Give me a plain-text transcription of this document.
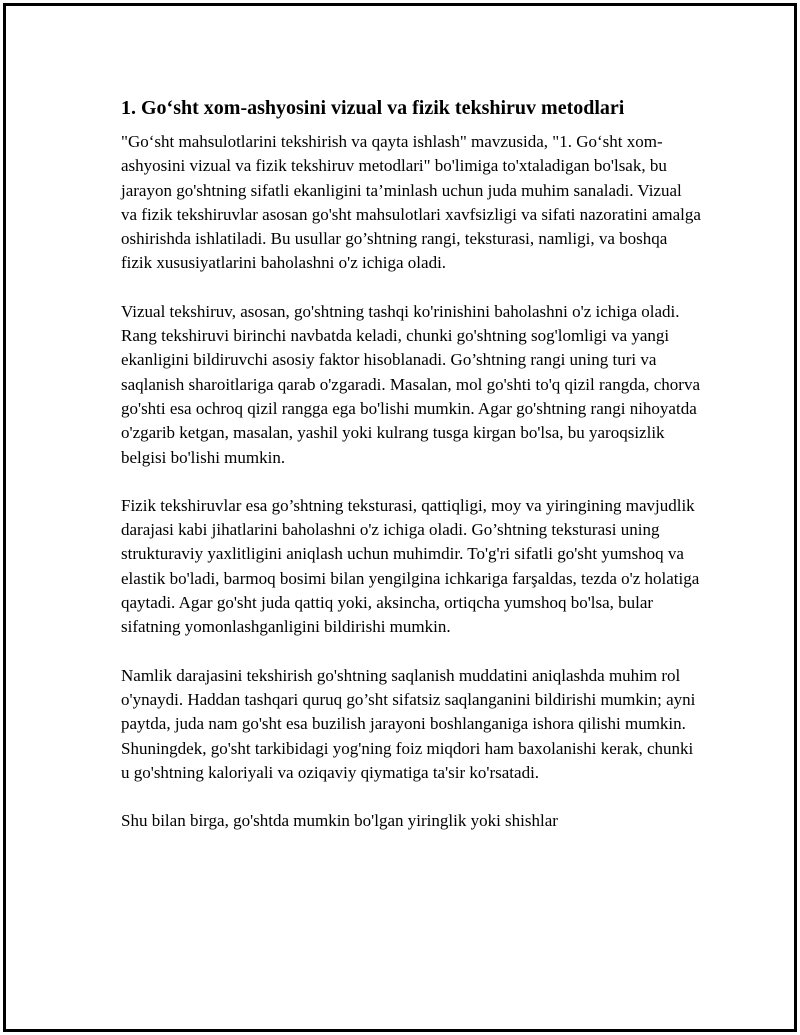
1. Go‘sht xom-ashyosini vizual va fizik tekshiruv metodlari

"Go‘sht mahsulotlarini tekshirish va qayta ishlash" mavzusida, "1. Go‘sht xom-ashyosini vizual va fizik tekshiruv metodlari" bo'limiga to'xtaladigan bo'lsak, bu jarayon go'shtning sifatli ekanligini ta’minlash uchun juda muhim sanaladi. Vizual va fizik tekshiruvlar asosan go'sht mahsulotlari xavfsizligi va sifati nazoratini amalga oshirishda ishlatiladi. Bu usullar go’shtning rangi, teksturasi, namligi, va boshqa fizik xususiyatlarini baholashni o'z ichiga oladi.

Vizual tekshiruv, asosan, go'shtning tashqi ko'rinishini baholashni o'z ichiga oladi. Rang tekshiruvi birinchi navbatda keladi, chunki go'shtning sog'lomligi va yangi ekanligini bildiruvchi asosiy faktor hisoblanadi. Go’shtning rangi uning turi va saqlanish sharoitlariga qarab o'zgaradi. Masalan, mol go'shti to'q qizil rangda, chorva go'shti esa ochroq qizil rangga ega bo'lishi mumkin. Agar go'shtning rangi nihoyatda o'zgarib ketgan, masalan, yashil yoki kulrang tusga kirgan bo'lsa, bu yaroqsizlik belgisi bo'lishi mumkin.

Fizik tekshiruvlar esa go’shtning teksturasi, qattiqligi, moy va yiringining mavjudlik darajasi kabi jihatlarini baholashni o'z ichiga oladi. Go’shtning teksturasi uning strukturaviy yaxlitligini aniqlash uchun muhimdir. To'g'ri sifatli go'sht yumshoq va elastik bo'ladi, barmoq bosimi bilan yengilgina ichkariga farşaldas, tezda o'z holatiga qaytadi. Agar go'sht juda qattiq yoki, aksincha, ortiqcha yumshoq bo'lsa, bular sifatning yomonlashganligini bildirishi mumkin.

Namlik darajasini tekshirish go'shtning saqlanish muddatini aniqlashda muhim rol o'ynaydi. Haddan tashqari quruq go’sht sifatsiz saqlanganini bildirishi mumkin; ayni paytda, juda nam go'sht esa buzilish jarayoni boshlanganiga ishora qilishi mumkin. Shuningdek, go'sht tarkibidagi yog'ning foiz miqdori ham baxolanishi kerak, chunki u go'shtning kaloriyali va oziqaviy qiymatiga ta'sir ko'rsatadi.

Shu bilan birga, go'shtda mumkin bo'lgan yiringlik yoki shishlar
